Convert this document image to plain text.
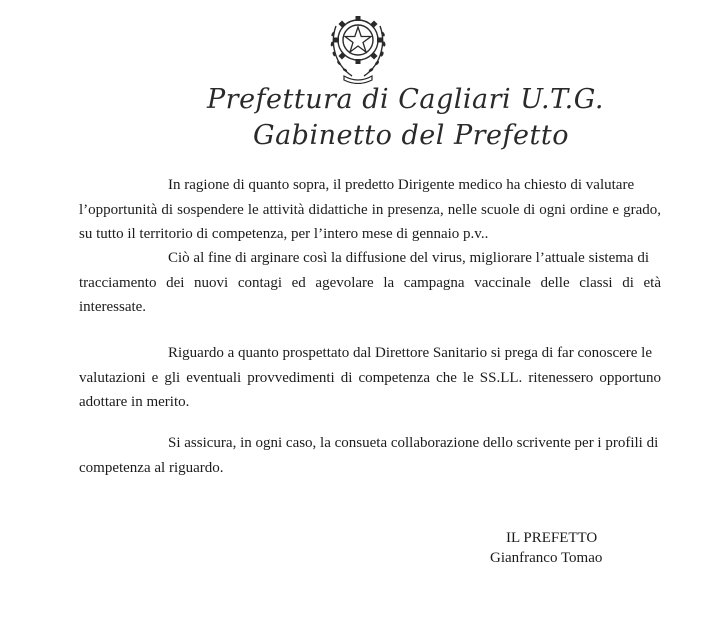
Prefettura di Cagliari U.T.G.
Gabinetto del Prefetto

In ragione di quanto sopra, il predetto Dirigente medico ha chiesto di valutare
l’opportunità di sospendere le attività didattiche in presenza, nelle scuole di ogni ordine e grado,
su tutto il territorio di competenza, per l’intero mese di gennaio p.v..

Ciò al fine di arginare così la diffusione del virus, migliorare l’attuale sistema di
tracciamento dei nuovi contagi ed agevolare la campagna vaccinale delle classi di età
interessate.

Riguardo a quanto prospettato dal Direttore Sanitario si prega di far conoscere le
valutazioni e gli eventuali provvedimenti di competenza che le SS.LL. ritenessero opportuno
adottare in merito.

Si assicura, in ogni caso, la consueta collaborazione dello scrivente per i profili di
competenza al riguardo.

IL PREFETTO
Gianfranco Tomao
